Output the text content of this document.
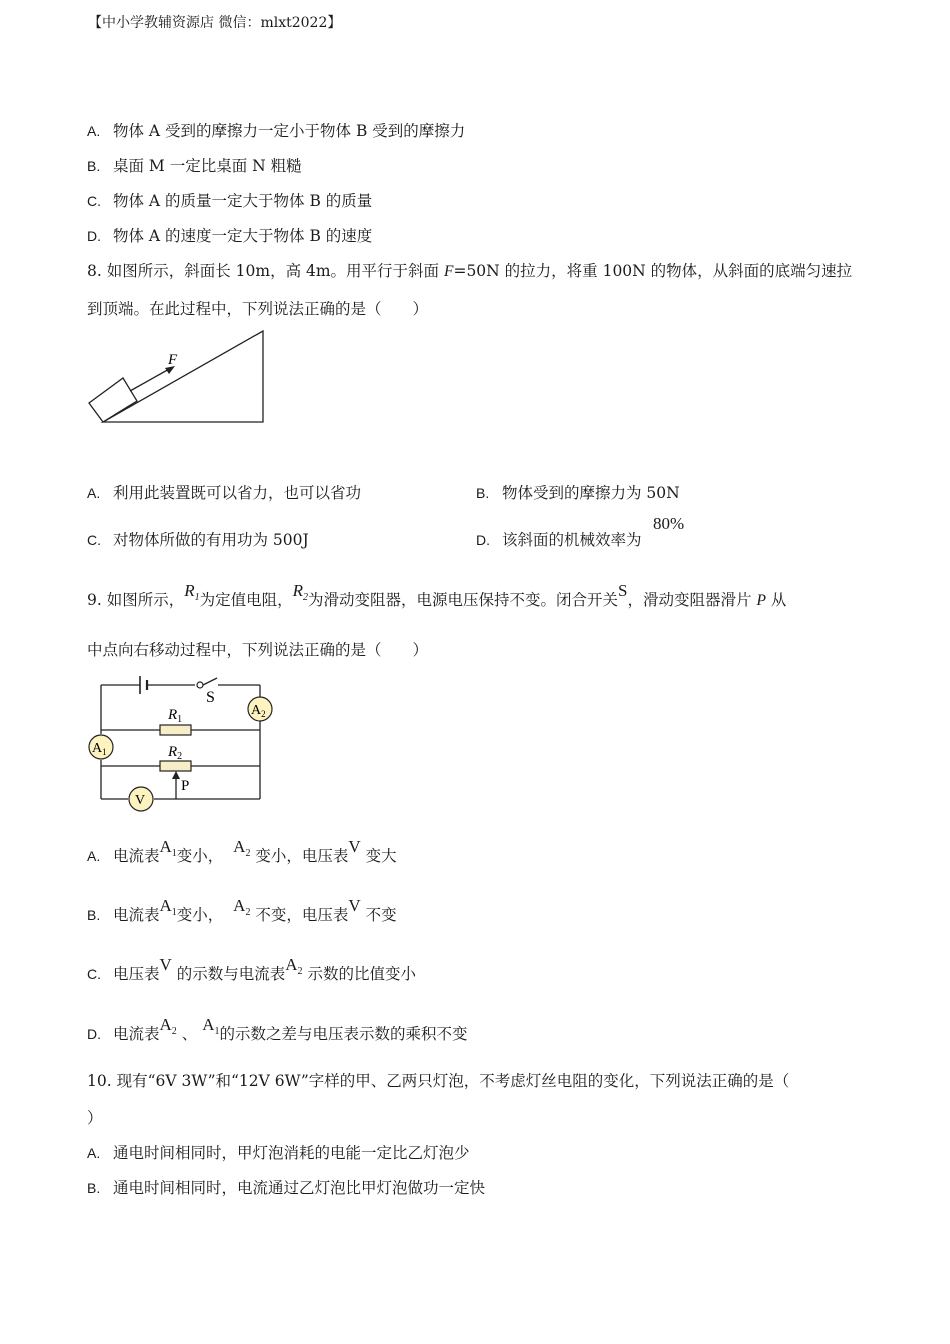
【中小学教辅资源店 微信：mlxt2022】
A. 物体 A 受到的摩擦力一定小于物体 B 受到的摩擦力
B. 桌面 M 一定比桌面 N 粗糙
C. 物体 A 的质量一定大于物体 B 的质量
D. 物体 A 的速度一定大于物体 B 的速度
8. 如图所示，斜面长 10m，高 4m。用平行于斜面 F=50N 的拉力，将重 100N 的物体，从斜面的底端匀速拉
到顶端。在此过程中，下列说法正确的是（　　）
F
A. 利用此装置既可以省力，也可以省功	B. 物体受到的摩擦力为 50N
C. 对物体所做的有用功为 500J	D. 该斜面的机械效率为
80%
9. 如图所示，$R_1$为定值电阻，$R_2$为滑动变阻器，电源电压保持不变。闭合开关S，滑动变阻器滑片 P 从
中点向右移动过程中，下列说法正确的是（　　）
S
$R_1$
$R_2$
P
$A_2$
$A_1$
V
A. 电流表$A_1$变小， $A_2$ 变小，电压表V 变大
B. 电流表$A_1$变小， $A_2$ 不变，电压表V 不变
C. 电压表V 的示数与电流表$A_2$ 示数的比值变小
D. 电流表$A_2$ 、 $A_1$的示数之差与电压表示数的乘积不变
10. 现有“6V 3W”和“12V 6W”字样的甲、乙两只灯泡，不考虑灯丝电阻的变化，下列说法正确的是（
）
A. 通电时间相同时，甲灯泡消耗的电能一定比乙灯泡少
B. 通电时间相同时，电流通过乙灯泡比甲灯泡做功一定快
